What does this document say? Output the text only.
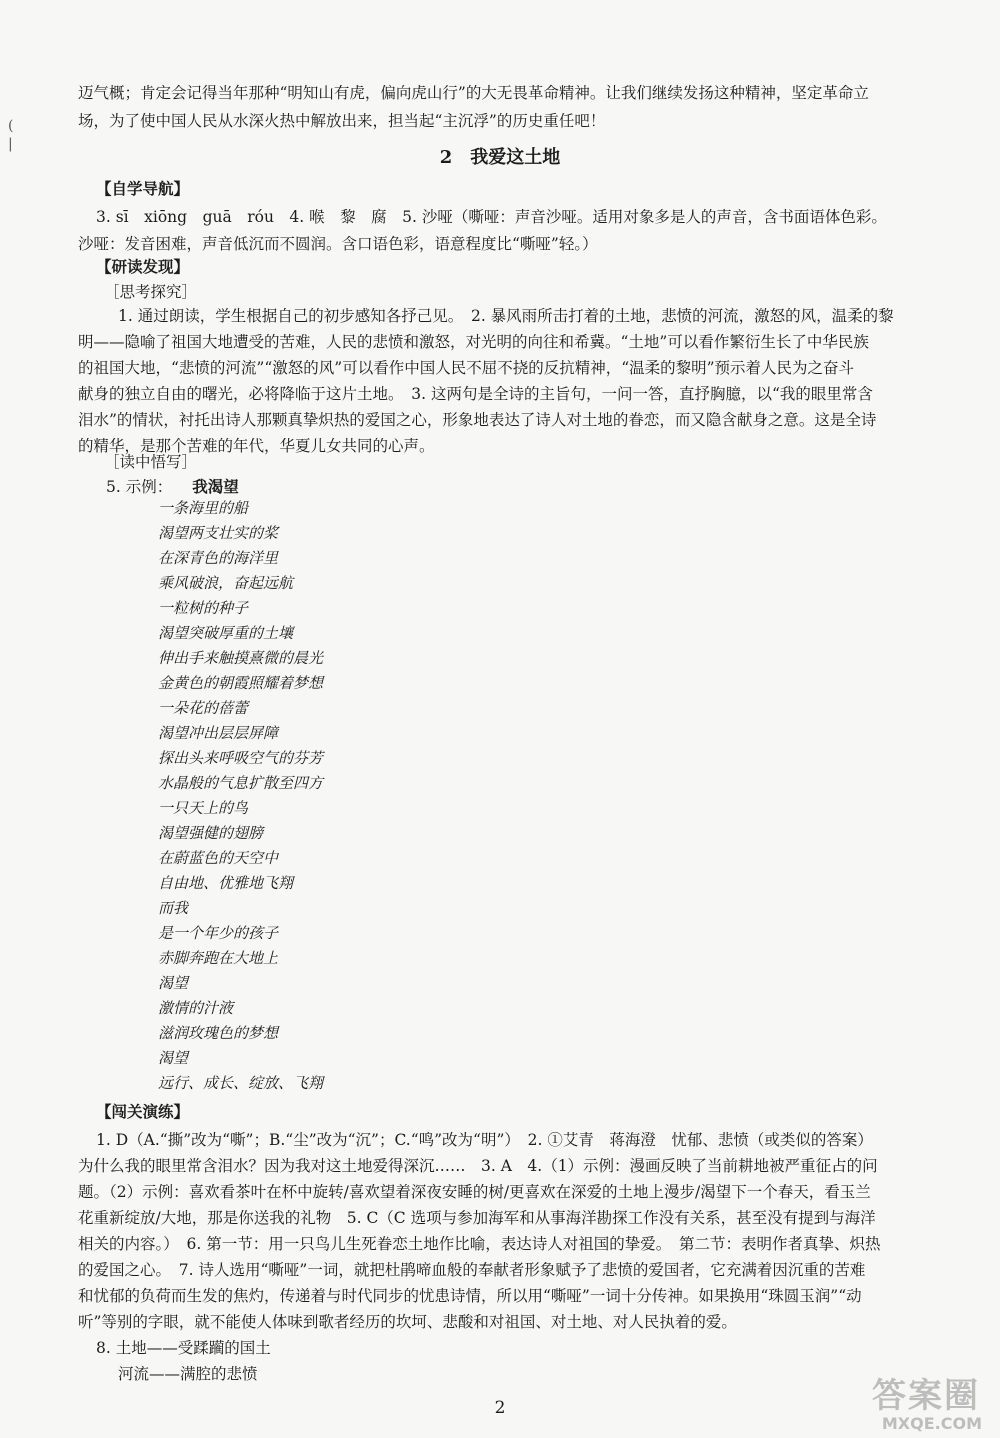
(
|

迈气概；肯定会记得当年那种“明知山有虎，偏向虎山行”的大无畏革命精神。让我们继续发扬这种精神，坚定革命立

场，为了使中国人民从水深火热中解放出来，担当起“主沉浮”的历史重任吧！

2　我爱这土地

【自学导航】

3. sī　xiōng　guā　róu　4. 喉　黎　腐　5. 沙哑（嘶哑：声音沙哑。适用对象多是人的声音，含书面语体色彩。

沙哑：发音困难，声音低沉而不圆润。含口语色彩，语意程度比“嘶哑”轻。）

【研读发现】

［思考探究］

1. 通过朗读，学生根据自己的初步感知各抒己见。　2. 暴风雨所击打着的土地，悲愤的河流，激怒的风，温柔的黎

明——隐喻了祖国大地遭受的苦难，人民的悲愤和激怒，对光明的向往和希冀。“土地”可以看作繁衍生长了中华民族

的祖国大地，“悲愤的河流”“激怒的风”可以看作中国人民不屈不挠的反抗精神，“温柔的黎明”预示着人民为之奋斗

献身的独立自由的曙光，必将降临于这片土地。　3. 这两句是全诗的主旨句，一问一答，直抒胸臆，以“我的眼里常含

泪水”的情状，衬托出诗人那颗真挚炽热的爱国之心，形象地表达了诗人对土地的眷恋，而又隐含献身之意。这是全诗

的精华，是那个苦难的年代，华夏儿女共同的心声。

［读中悟写］

5. 示例： 我渴望

一条海里的船
渴望两支壮实的桨
在深青色的海洋里
乘风破浪，奋起远航
一粒树的种子
渴望突破厚重的土壤
伸出手来触摸熹微的晨光
金黄色的朝霞照耀着梦想
一朵花的蓓蕾
渴望冲出层层屏障
探出头来呼吸空气的芬芳
水晶般的气息扩散至四方
一只天上的鸟
渴望强健的翅膀
在蔚蓝色的天空中
自由地、优雅地飞翔
而我
是一个年少的孩子
赤脚奔跑在大地上
渴望
激情的汁液
滋润玫瑰色的梦想
渴望
远行、成长、绽放、飞翔

【闯关演练】

1. D（A.“撕”改为“嘶”；B.“尘”改为“沉”；C.“鸣”改为“明”）　2. ①艾青　蒋海澄　忧郁、悲愤（或类似的答案）

为什么我的眼里常含泪水？因为我对这土地爱得深沉……　3. A　4.（1）示例：漫画反映了当前耕地被严重征占的问

题。（2）示例：喜欢看茶叶在杯中旋转/喜欢望着深夜安睡的树/更喜欢在深爱的土地上漫步/渴望下一个春天，看玉兰

花重新绽放/大地，那是你送我的礼物　5. C（C 选项与参加海军和从事海洋勘探工作没有关系，甚至没有提到与海洋

相关的内容。）　6. 第一节：用一只鸟儿生死眷恋土地作比喻，表达诗人对祖国的挚爱。　第二节：表明作者真挚、炽热

的爱国之心。　7. 诗人选用“嘶哑”一词，就把杜鹃啼血般的奉献者形象赋予了悲愤的爱国者，它充满着因沉重的苦难

和忧郁的负荷而生发的焦灼，传递着与时代同步的忧患诗情，所以用“嘶哑”一词十分传神。如果换用“珠圆玉润”“动

听”等别的字眼，就不能使人体味到歌者经历的坎坷、悲酸和对祖国、对土地、对人民执着的爱。

8. 土地——受蹂躏的国土

河流——满腔的悲愤

2	答案圈
MXQE.COM
